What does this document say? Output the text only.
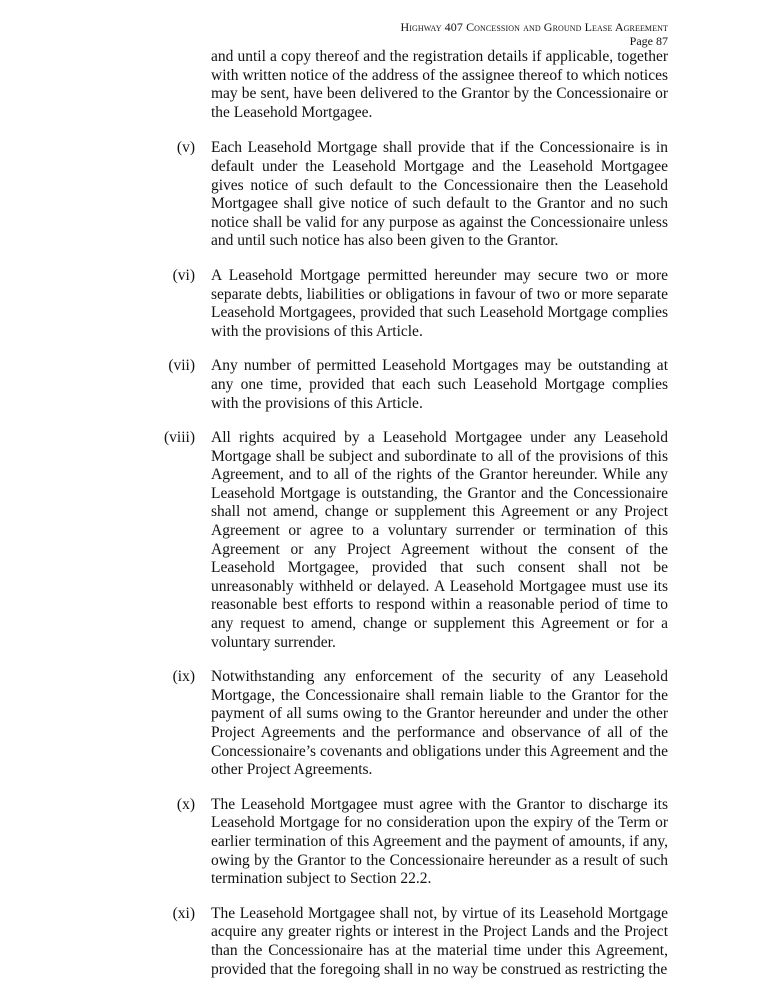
Highway 407 Concession and Ground Lease Agreement
Page 87

and until a copy thereof and the registration details if applicable, together with written notice of the address of the assignee thereof to which notices may be sent, have been delivered to the Grantor by the Concessionaire or the Leasehold Mortgagee.

(v) Each Leasehold Mortgage shall provide that if the Concessionaire is in default under the Leasehold Mortgage and the Leasehold Mortgagee gives notice of such default to the Concessionaire then the Leasehold Mortgagee shall give notice of such default to the Grantor and no such notice shall be valid for any purpose as against the Concessionaire unless and until such notice has also been given to the Grantor.
(vi) A Leasehold Mortgage permitted hereunder may secure two or more separate debts, liabilities or obligations in favour of two or more separate Leasehold Mortgagees, provided that such Leasehold Mortgage complies with the provisions of this Article.
(vii) Any number of permitted Leasehold Mortgages may be outstanding at any one time, provided that each such Leasehold Mortgage complies with the provisions of this Article.
(viii) All rights acquired by a Leasehold Mortgagee under any Leasehold Mortgage shall be subject and subordinate to all of the provisions of this Agreement, and to all of the rights of the Grantor hereunder. While any Leasehold Mortgage is outstanding, the Grantor and the Concessionaire shall not amend, change or supplement this Agreement or any Project Agreement or agree to a voluntary surrender or termination of this Agreement or any Project Agreement without the consent of the Leasehold Mortgagee, provided that such consent shall not be unreasonably withheld or delayed. A Leasehold Mortgagee must use its reasonable best efforts to respond within a reasonable period of time to any request to amend, change or supplement this Agreement or for a voluntary surrender.
(ix) Notwithstanding any enforcement of the security of any Leasehold Mortgage, the Concessionaire shall remain liable to the Grantor for the payment of all sums owing to the Grantor hereunder and under the other Project Agreements and the performance and observance of all of the Concessionaire’s covenants and obligations under this Agreement and the other Project Agreements.
(x) The Leasehold Mortgagee must agree with the Grantor to discharge its Leasehold Mortgage for no consideration upon the expiry of the Term or earlier termination of this Agreement and the payment of amounts, if any, owing by the Grantor to the Concessionaire hereunder as a result of such termination subject to Section 22.2.
(xi) The Leasehold Mortgagee shall not, by virtue of its Leasehold Mortgage acquire any greater rights or interest in the Project Lands and the Project than the Concessionaire has at the material time under this Agreement, provided that the foregoing shall in no way be construed as restricting the
